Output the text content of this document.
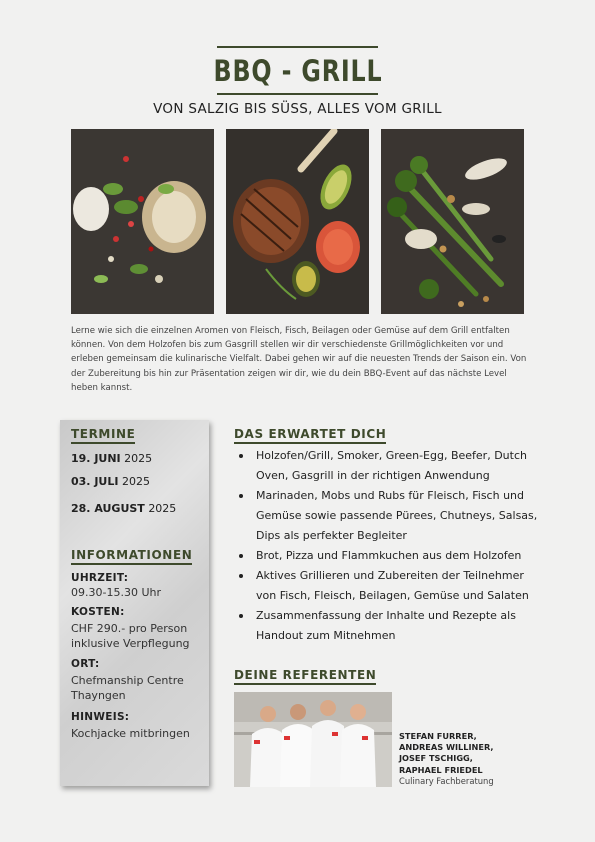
BBQ - GRILL
VON SALZIG BIS SÜSS, ALLES VOM GRILL

Lerne wie sich die einzelnen Aromen von Fleisch, Fisch, Beilagen oder Gemüse auf dem Grill entfalten können. Von dem Holzofen bis zum Gasgrill stellen wir dir verschiedenste Grillmöglichkeiten vor und erleben gemeinsam die kulinarische Vielfalt. Dabei gehen wir auf die neuesten Trends der Saison ein. Von der Zubereitung bis hin zur Präsentation zeigen wir dir, wie du dein BBQ-Event auf das nächste Level heben kannst.

TERMINE
19. JUNI 2025
03. JULI 2025
28. AUGUST 2025
INFORMATIONEN
UHRZEIT:
09.30-15.30 Uhr
KOSTEN:
CHF 290.- pro Person
inklusive Verpflegung
ORT:
Chefmanship Centre
Thayngen
HINWEIS:
Kochjacke mitbringen
DAS ERWARTET DICH
Holzofen/Grill, Smoker, Green-Egg, Beefer, Dutch Oven, Gasgrill in der richtigen Anwendung
Marinaden, Mobs und Rubs für Fleisch, Fisch und Gemüse sowie passende Pürees, Chutneys, Salsas, Dips als perfekter Begleiter
Brot, Pizza und Flammkuchen aus dem Holzofen
Aktives Grillieren und Zubereiten der Teilnehmer von Fisch, Fleisch, Beilagen, Gemüse und Salaten
Zusammenfassung der Inhalte und Rezepte als Handout zum Mitnehmen
DEINE REFERENTEN
STEFAN FURRER,
ANDREAS WILLINER,
JOSEF TSCHIGG,
RAPHAEL FRIEDEL
Culinary Fachberatung
